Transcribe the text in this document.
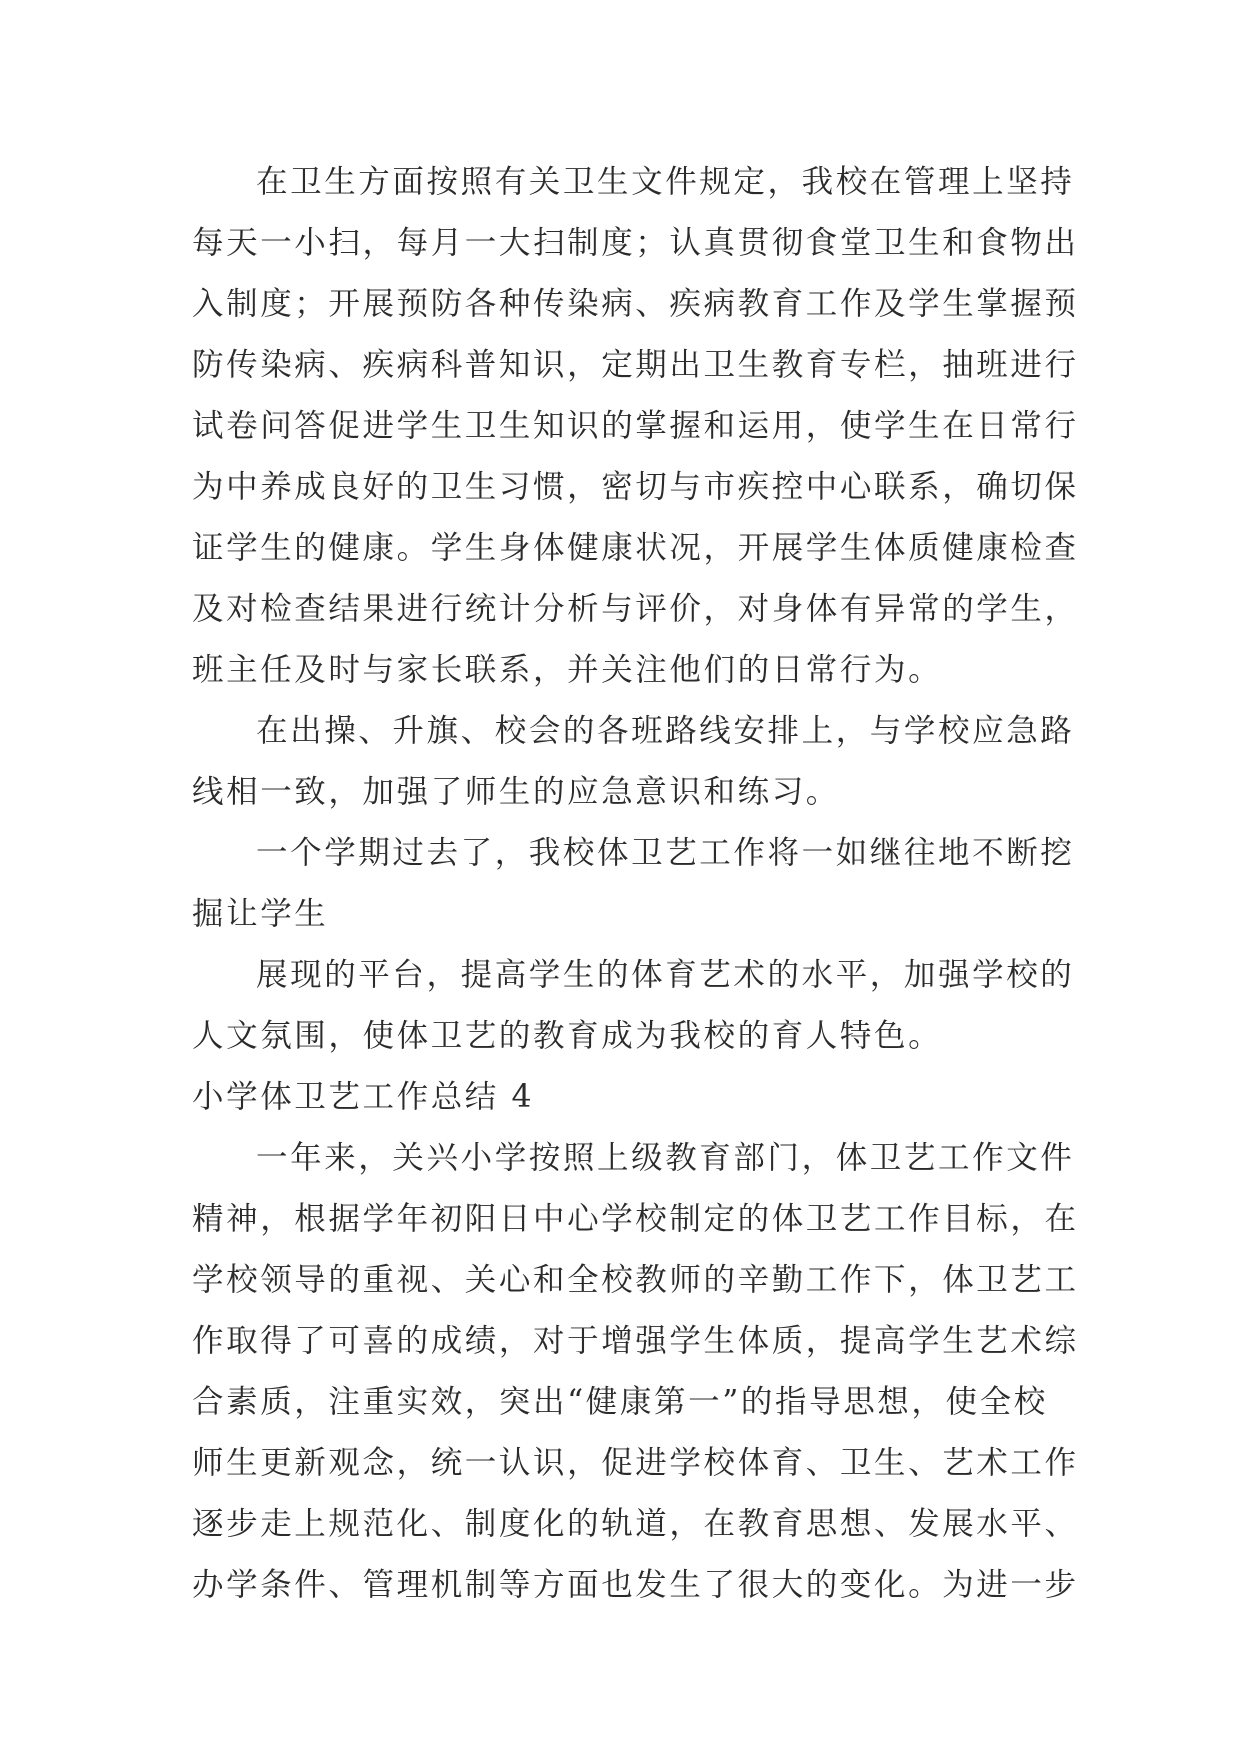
在卫生方面按照有关卫生文件规定，我校在管理上坚持
每天一小扫，每月一大扫制度；认真贯彻食堂卫生和食物出
入制度；开展预防各种传染病、疾病教育工作及学生掌握预
防传染病、疾病科普知识，定期出卫生教育专栏，抽班进行
试卷问答促进学生卫生知识的掌握和运用，使学生在日常行
为中养成良好的卫生习惯，密切与市疾控中心联系，确切保
证学生的健康。学生身体健康状况，开展学生体质健康检查
及对检查结果进行统计分析与评价，对身体有异常的学生，
班主任及时与家长联系，并关注他们的日常行为。
在出操、升旗、校会的各班路线安排上，与学校应急路
线相一致，加强了师生的应急意识和练习。
一个学期过去了，我校体卫艺工作将一如继往地不断挖
掘让学生
展现的平台，提高学生的体育艺术的水平，加强学校的
人文氛围，使体卫艺的教育成为我校的育人特色。
小学体卫艺工作总结 4
一年来，关兴小学按照上级教育部门，体卫艺工作文件
精神，根据学年初阳日中心学校制定的体卫艺工作目标，在
学校领导的重视、关心和全校教师的辛勤工作下，体卫艺工
作取得了可喜的成绩，对于增强学生体质，提高学生艺术综
合素质，注重实效，突出“健康第一”的指导思想，使全校
师生更新观念，统一认识，促进学校体育、卫生、艺术工作
逐步走上规范化、制度化的轨道，在教育思想、发展水平、
办学条件、管理机制等方面也发生了很大的变化。为进一步
